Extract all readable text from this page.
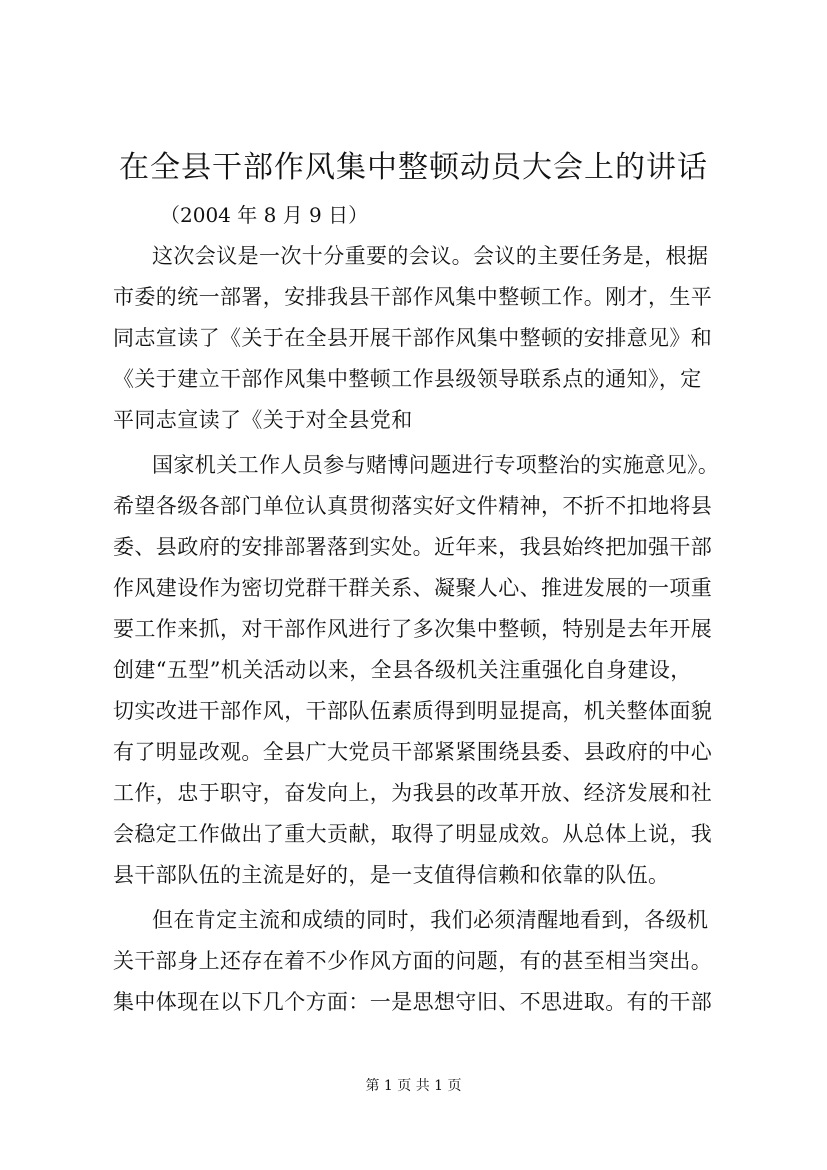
在全县干部作风集中整顿动员大会上的讲话
（2004 年 8 月 9 日）
这次会议是一次十分重要的会议。会议的主要任务是，根据
市委的统一部署，安排我县干部作风集中整顿工作。刚才，生平
同志宣读了《关于在全县开展干部作风集中整顿的安排意见》和
《关于建立干部作风集中整顿工作县级领导联系点的通知》，定
平同志宣读了《关于对全县党和
国家机关工作人员参与赌博问题进行专项整治的实施意见》。
希望各级各部门单位认真贯彻落实好文件精神，不折不扣地将县
委、县政府的安排部署落到实处。近年来，我县始终把加强干部
作风建设作为密切党群干群关系、凝聚人心、推进发展的一项重
要工作来抓，对干部作风进行了多次集中整顿，特别是去年开展
创建“五型”机关活动以来，全县各级机关注重强化自身建设，
切实改进干部作风，干部队伍素质得到明显提高，机关整体面貌
有了明显改观。全县广大党员干部紧紧围绕县委、县政府的中心
工作，忠于职守，奋发向上，为我县的改革开放、经济发展和社
会稳定工作做出了重大贡献，取得了明显成效。从总体上说，我
县干部队伍的主流是好的，是一支值得信赖和依靠的队伍。
但在肯定主流和成绩的同时，我们必须清醒地看到，各级机
关干部身上还存在着不少作风方面的问题，有的甚至相当突出。
集中体现在以下几个方面：一是思想守旧、不思进取。有的干部
第 1 页 共 1 页
